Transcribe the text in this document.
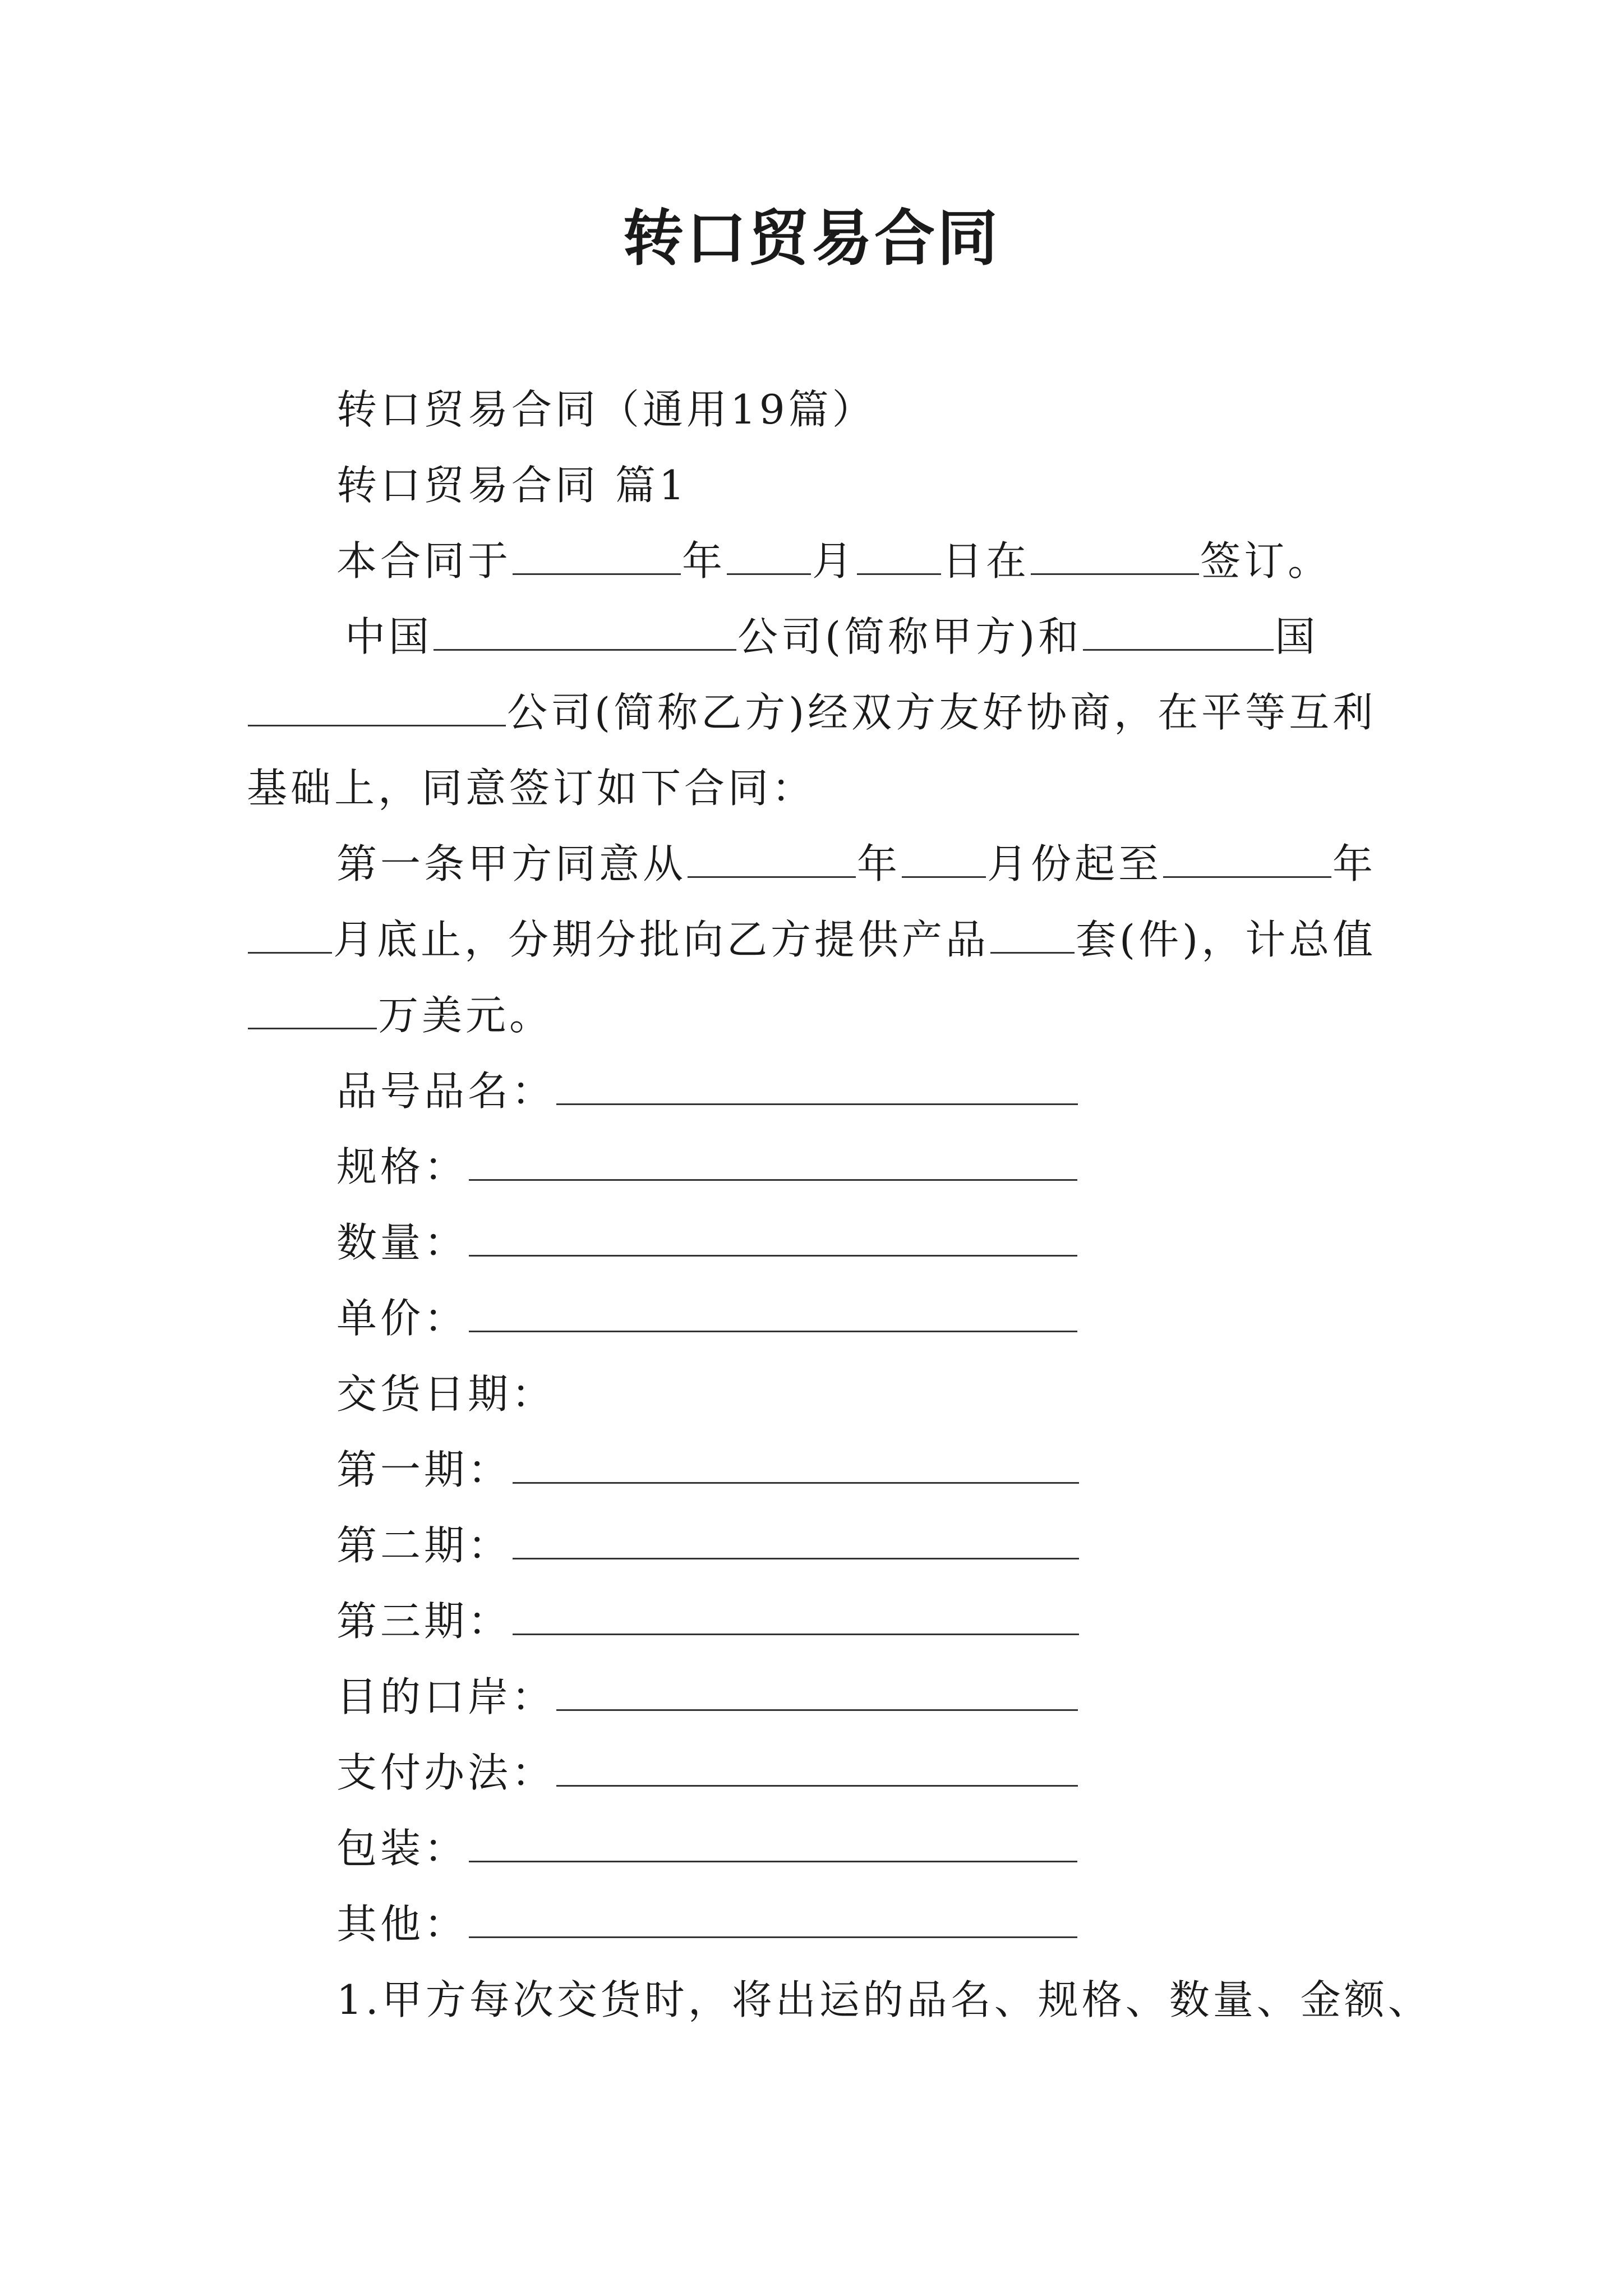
转口贸易合同
转口贸易合同（通用19篇）
转口贸易合同 篇1
本合同于	年 月 日在	签订。
中国	公司(简称甲方)和	国
公司(简称乙方)经双方友好协商，在平等互利
基础上，同意签订如下合同：
第一条甲方同意从	年 月份起至	年
月底止，分期分批向乙方提供产品 套(件)，计总值
万美元。
品号品名：
规格：
数量：
单价：
交货日期：
第一期：
第二期：
第三期：
目的口岸：
支付办法：
包装：
其他：
1.甲方每次交货时，将出运的品名、规格、数量、金额、
